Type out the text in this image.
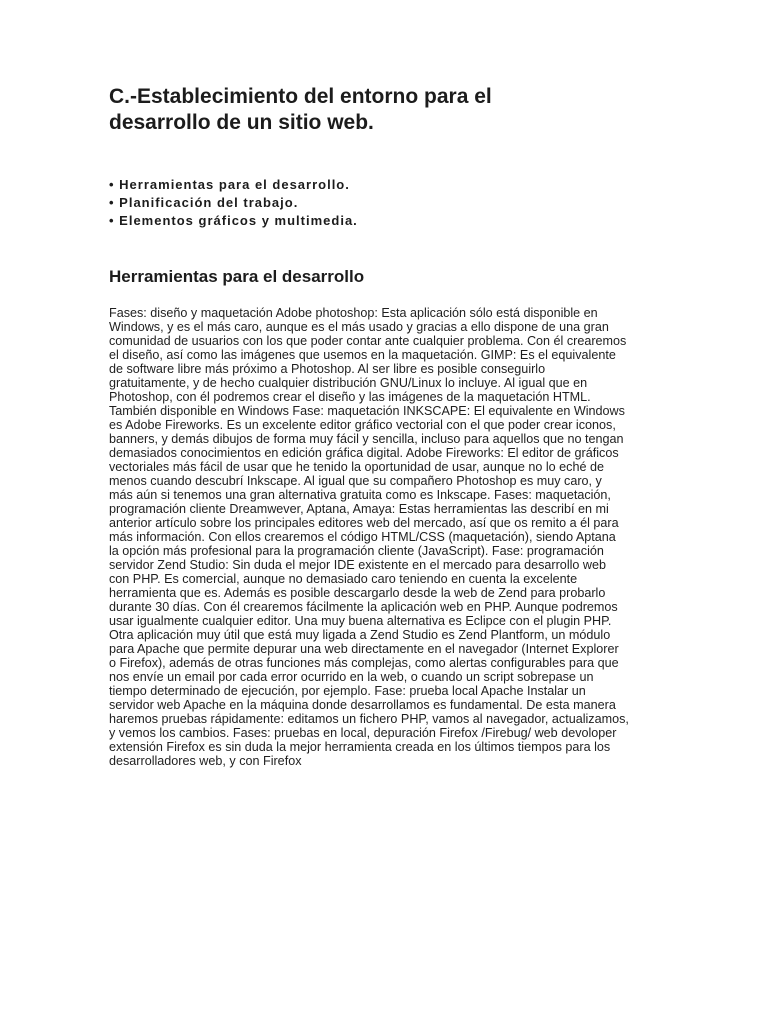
C.-Establecimiento del entorno para el desarrollo de un sitio web.
• Herramientas para el desarrollo.
• Planificación del trabajo.
• Elementos gráficos y multimedia.
Herramientas para el desarrollo

Fases: diseño y maquetación Adobe photoshop: Esta aplicación sólo está disponible en Windows, y es el más caro, aunque es el más usado y gracias a ello dispone de una gran comunidad de usuarios con los que poder contar ante cualquier problema. Con él crearemos el diseño, así como las imágenes que usemos en la maquetación. GIMP: Es el equivalente de software libre más próximo a Photoshop. Al ser libre es posible conseguirlo gratuitamente, y de hecho cualquier distribución GNU/Linux lo incluye. Al igual que en Photoshop, con él podremos crear el diseño y las imágenes de la maquetación HTML. También disponible en Windows Fase: maquetación INKSCAPE: El equivalente en Windows es Adobe Fireworks. Es un excelente editor gráfico vectorial con el que poder crear iconos, banners, y demás dibujos de forma muy fácil y sencilla, incluso para aquellos que no tengan demasiados conocimientos en edición gráfica digital. Adobe Fireworks: El editor de gráficos vectoriales más fácil de usar que he tenido la oportunidad de usar, aunque no lo eché de menos cuando descubrí Inkscape. Al igual que su compañero Photoshop es muy caro, y más aún si tenemos una gran alternativa gratuita como es Inkscape. Fases: maquetación, programación cliente Dreamwever, Aptana, Amaya: Estas herramientas las describí en mi anterior artículo sobre los principales editores web del mercado, así que os remito a él para más información. Con ellos crearemos el código HTML/CSS (maquetación), siendo Aptana la opción más profesional para la programación cliente (JavaScript). Fase: programación servidor Zend Studio: Sin duda el mejor IDE existente en el mercado para desarrollo web con PHP. Es comercial, aunque no demasiado caro teniendo en cuenta la excelente herramienta que es. Además es posible descargarlo desde la web de Zend para probarlo durante 30 días. Con él crearemos fácilmente la aplicación web en PHP. Aunque podremos usar igualmente cualquier editor. Una muy buena alternativa es Eclipce con el plugin PHP. Otra aplicación muy útil que está muy ligada a Zend Studio es Zend Plantform, un módulo para Apache que permite depurar una web directamente en el navegador (Internet Explorer o Firefox), además de otras funciones más complejas, como alertas configurables para que nos envíe un email por cada error ocurrido en la web, o cuando un script sobrepase un tiempo determinado de ejecución, por ejemplo. Fase: prueba local Apache Instalar un servidor web Apache en la máquina donde desarrollamos es fundamental. De esta manera haremos pruebas rápidamente: editamos un fichero PHP, vamos al navegador, actualizamos, y vemos los cambios. Fases: pruebas en local, depuración Firefox /Firebug/ web devoloper extensión Firefox es sin duda la mejor herramienta creada en los últimos tiempos para los desarrolladores web, y con Firefox
